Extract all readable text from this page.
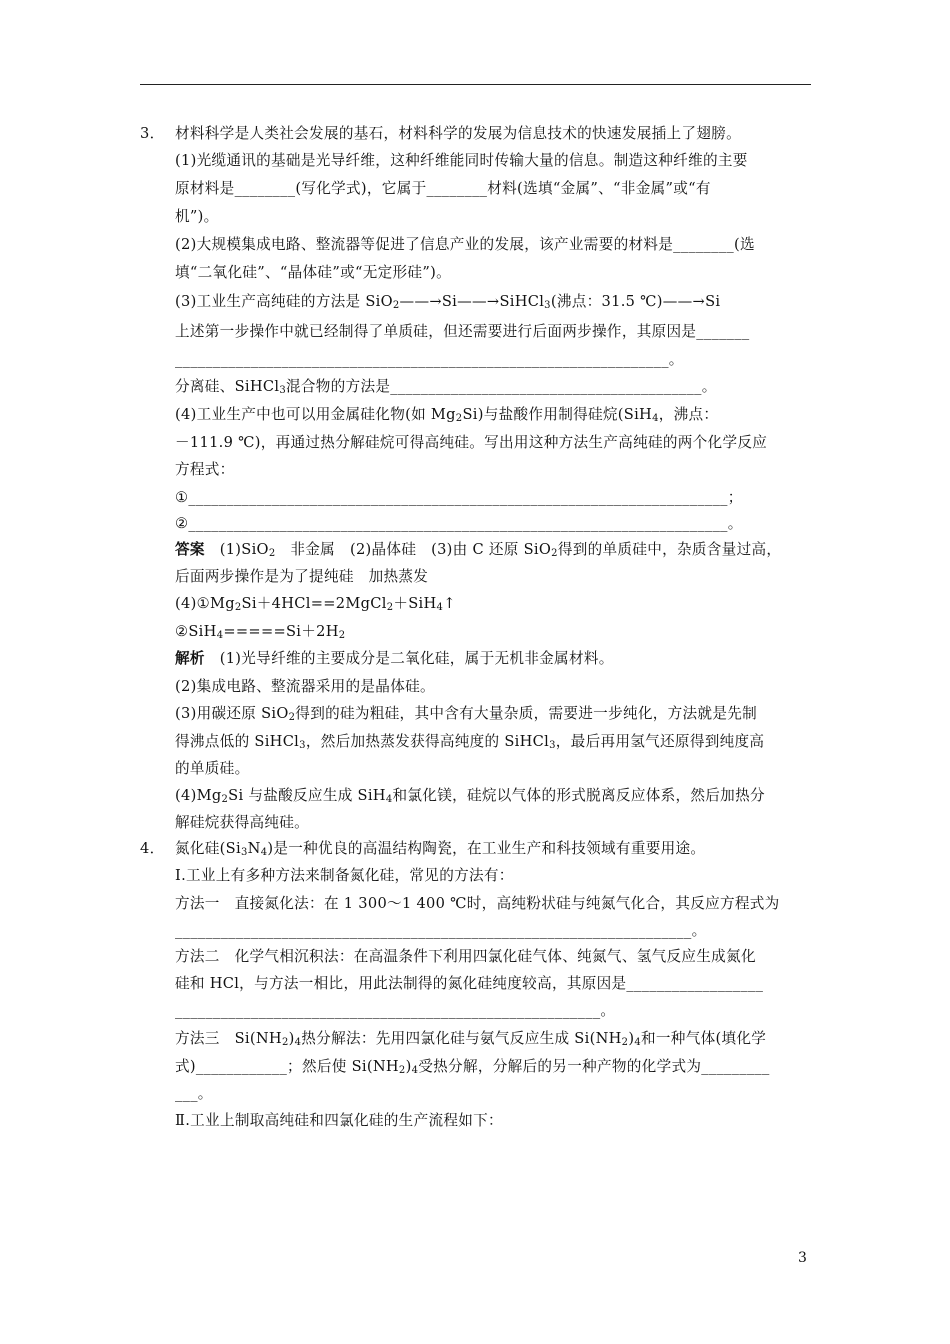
3． 材料科学是人类社会发展的基石，材料科学的发展为信息技术的快速发展插上了翅膀。
(1)光缆通讯的基础是光导纤维，这种纤维能同时传输大量的信息。制造这种纤维的主要
原材料是________(写化学式)，它属于________材料(选填“金属”、“非金属”或“有
机”)。
(2)大规模集成电路、整流器等促进了信息产业的发展，该产业需要的材料是________(选
填“二氧化硅”、“晶体硅”或“无定形硅”)。
(3)工业生产高纯硅的方法是 SiO$_2$——→Si——→SiHCl$_3$(沸点：31.5 ℃)——→Si
上述第一步操作中就已经制得了单质硅，但还需要进行后面两步操作，其原因是_______
_________________________________________________________________。
分离硅、SiHCl$_3$混合物的方法是_________________________________________。
(4)工业生产中也可以用金属硅化物(如 $Mg_2Si$)与盐酸作用制得硅烷(SiH$_4$，沸点：
－111.9 ℃)，再通过热分解硅烷可得高纯硅。写出用这种方法生产高纯硅的两个化学反应
方程式：
①_______________________________________________________________________；
②_______________________________________________________________________。
答案　 (1)SiO$_2$　非金属　(2)晶体硅　(3)由 C 还原 SiO$_2$得到的单质硅中，杂质含量过高，
后面两步操作是为了提纯硅　加热蒸发
$(4)①Mg_2Si+4HCl==2MgCl_2+SiH_4↑$
$②SiH_4=====Si+2H_2$
解析　 (1)光导纤维的主要成分是二氧化硅，属于无机非金属材料。
(2)集成电路、整流器采用的是晶体硅。
(3)用碳还原 SiO$_2$得到的硅为粗硅，其中含有大量杂质，需要进一步纯化，方法就是先制
得沸点低的 SiHCl$_3$，然后加热蒸发获得高纯度的 SiHCl$_3$，最后再用氢气还原得到纯度高
的单质硅。
$(4)Mg_2Si$ 与盐酸反应生成 SiH$_4$和氯化镁，硅烷以气体的形式脱离反应体系，然后加热分
解硅烷获得高纯硅。
4． 氮化硅$(Si_3N_4)$是一种优良的高温结构陶瓷，在工业生产和科技领域有重要用途。
Ⅰ.工业上有多种方法来制备氮化硅，常见的方法有：
方法一　直接氮化法：在 1 300～1 400 ℃时，高纯粉状硅与纯氮气化合，其反应方程式为
____________________________________________________________________。
方法二　化学气相沉积法：在高温条件下利用四氯化硅气体、纯氮气、氢气反应生成氮化
硅和 HCl，与方法一相比，用此法制得的氮化硅纯度较高，其原因是__________________
________________________________________________________。
方法三　$Si(NH_2)_4$热分解法：先用四氯化硅与氨气反应生成 $Si(NH_2)_4$和一种气体(填化学
式)____________；然后使 $Si(NH_2)_4$受热分解，分解后的另一种产物的化学式为_________
___。
Ⅱ.工业上制取高纯硅和四氯化硅的生产流程如下：
3
